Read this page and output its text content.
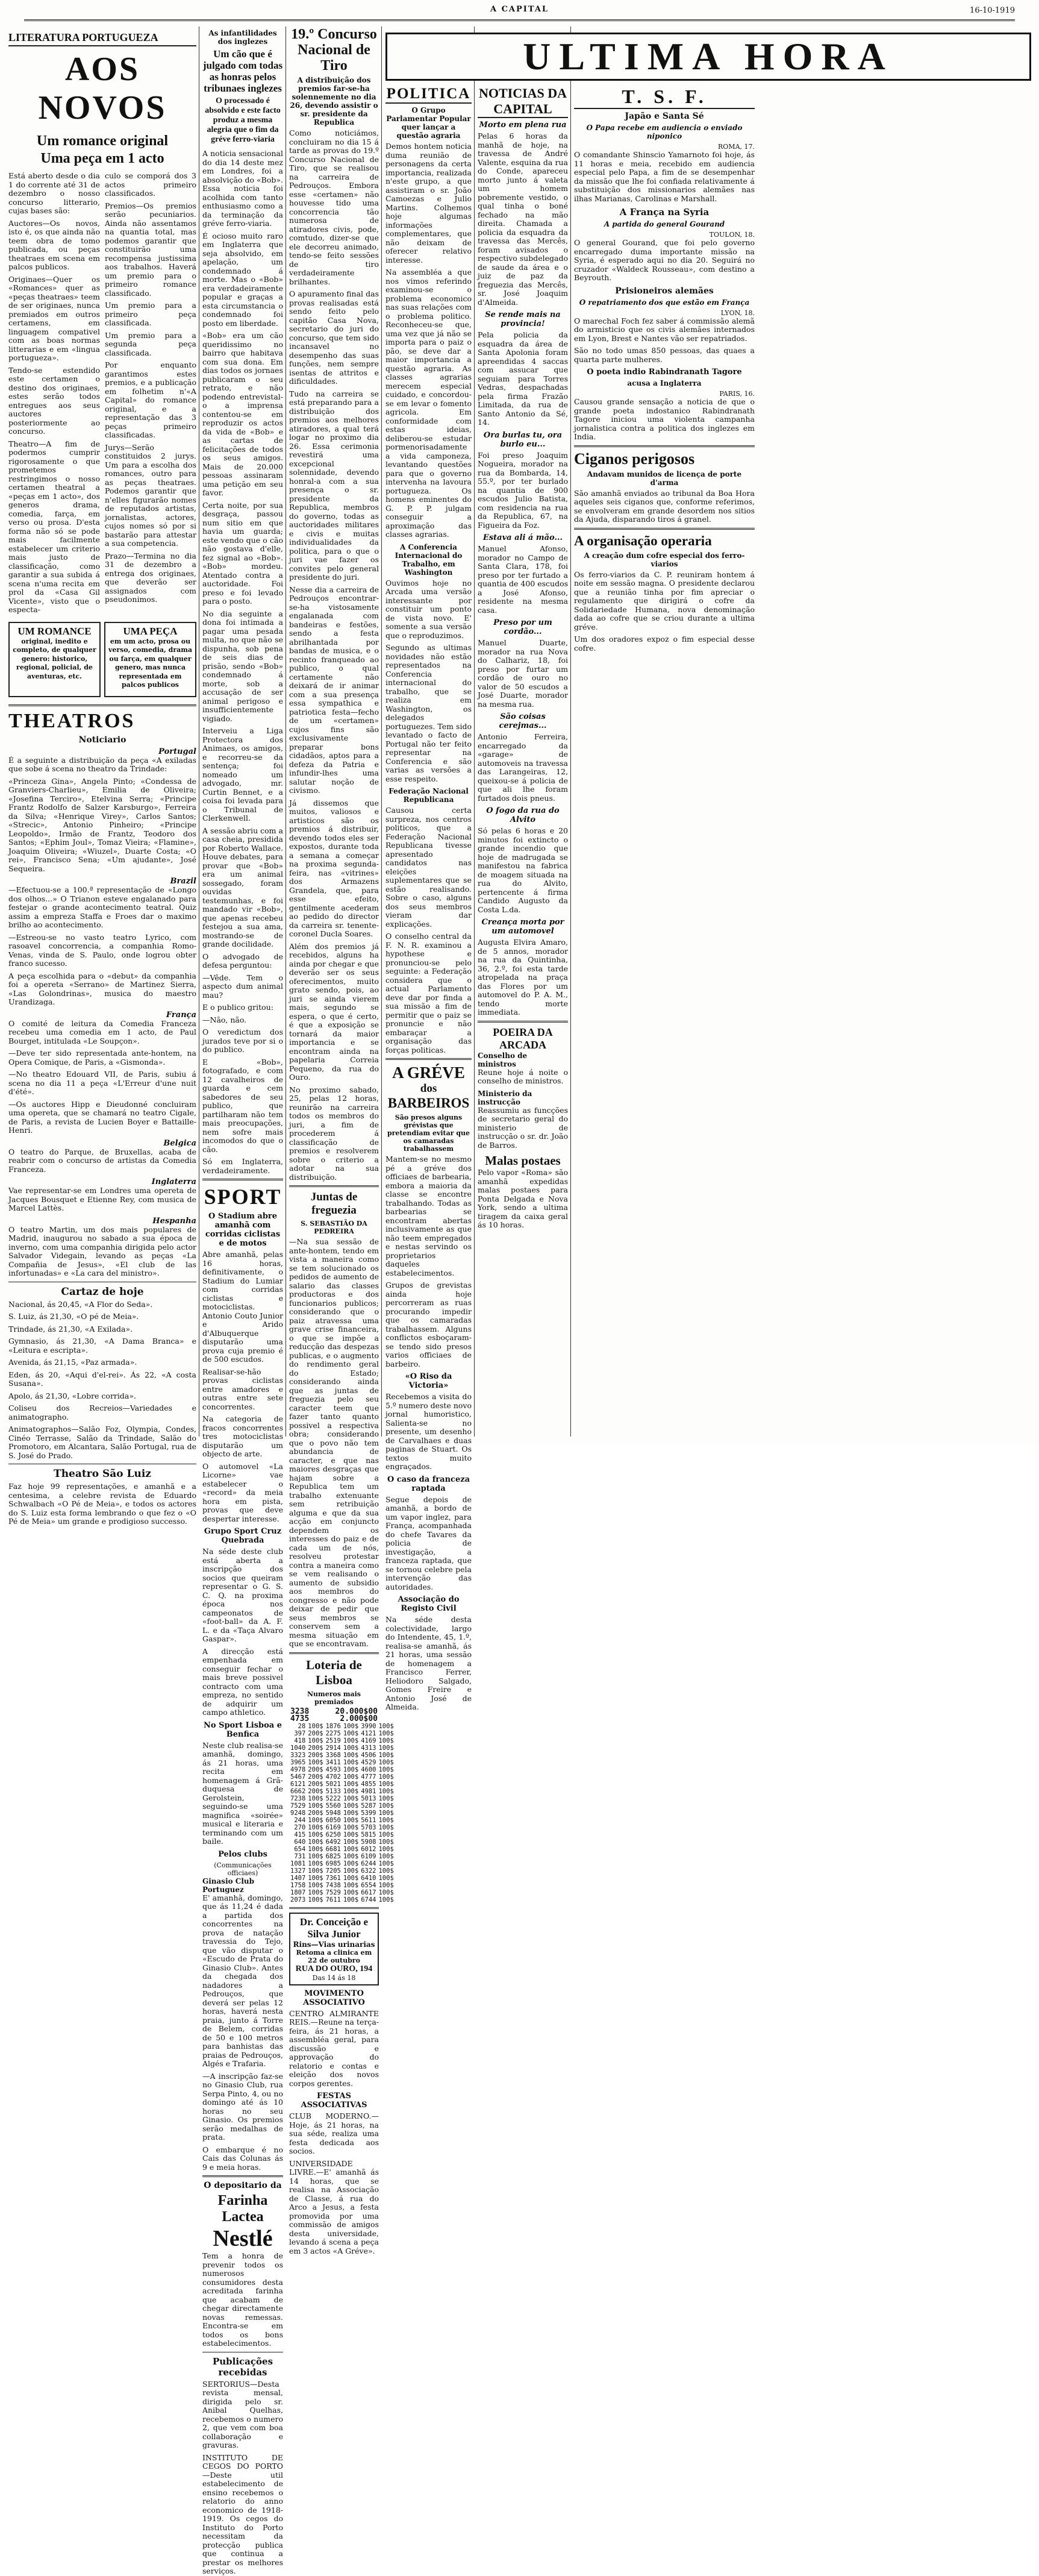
A CAPITAL	16-10-1919
LITERATURA PORTUGUEZA
AOS NOVOS
Um romance original
Uma peça em 1 acto

Está aberto desde o dia 1 do corrente até 31 de dezembro o nosso concurso litterario, cujas bases são:

Auctores—Os novos, isto é, os que ainda não teem obra de tomo publicada, ou peças theatraes em scena em palcos publicos.

Originaes—Quer os «Romances» quer as «peças theatraes» teem de ser originaes, nunca premiados em outros certamens, em linguagem compativel com as boas normas litterarias e em «lingua portugueza».

Tendo-se estendido este certamen o destino dos originaes, estes serão todos entregues aos seus auctores posteriormente ao concurso.

Theatro—A fim de podermos cumprir rigorosamente o que prometemos restringimos o nosso certamen theatral a «peças em 1 acto», dos generos drama, comedia, farça, em verso ou prosa. D'esta forma não só se pode mais facilmente estabelecer um criterio mais justo de classificação, como garantir a sua subida á scena n'uma recita em prol da «Casa Gil Vicente», visto que o especta-

culo se comporá dos 3 actos primeiro classificados.

Premios—Os premios serão pecuniarios. Ainda não assentamos na quantia total, mas podemos garantir que constituirão uma recompensa justissima aos trabalhos. Haverá um premio para o primeiro romance classificado.

Um premio para a primeiro peça classificada.

Um premio para a segunda peça classificada.

Por enquanto garantimos estes premios, e a publicação em folhetim n'«A Capital» do romance original, e a representação das 3 peças primeiro classificadas.

Jurys—Serão constituidos 2 jurys. Um para a escolha dos romances, outro para as peças theatraes. Podemos garantir que n'elles figurarão nomes de reputados artistas, jornalistas, actores, cujos nomes só por si bastarão para attestar a sua competencia.

Prazo—Termina no dia 31 de dezembro a entrega dos originaes, que deverão ser assignados com pseudonimos.

UM ROMANCE

original, inedito e completo, de qualquer genero: historico, regional, policial, de aventuras, etc.

UMA PEÇA

em um acto, prosa ou verso, comedia, drama ou farça, em qualquer genero, mas nunca representada em palcos publicos

THEATROS
Noticiario
Portugal

É a seguinte a distribuição da peça «A exiladas que sobe á scena no theatro da Trindade:

«Princeza Gina», Angela Pinto; «Condessa de Granviers-Charlieu», Emilia de Oliveira; «Josefina Terciro», Etelvina Serra; «Principe Frantz Rodolfo de Salzer Karsburgo», Ferreira da Silva; «Henrique Virey», Carlos Santos; «Strecic», Antonio Pinheiro; «Principe Leopoldo», Irmão de Frantz, Teodoro dos Santos; «Ephim Joul», Tomaz Vieira; «Flamine», Joaquim Oliveira; «Wiuzel», Duarte Costa; «O rei», Francisco Sena; «Um ajudante», José Sequeira.

Brazil

—Efectuou-se a 100.ª representação de «Longo dos olhos...» O Trianon esteve engalanado para festejar o grande acontecimento teatral. Quiz assim a empreza Staffa e Froes dar o maximo brilho ao acontecimento.

—Estreou-se no vasto teatro Lyrico, com rasoavel concorrencia, a companhia Romo-Venas, vinda de S. Paulo, onde logrou obter franco sucesso.

A peça escolhida para o «debut» da companhia foi a opereta «Serrano» de Martinez Sierra, «Las Golondrinas», musica do maestro Urandizaga.

França

O comité de leitura da Comedia Franceza recebeu uma comedia em 1 acto, de Paul Bourget, intitulada «Le Soupçon».

—Deve ter sido representada ante-hontem, na Opera Comique, de Paris, a «Gismonda».

—No theatro Edouard VII, de Paris, subiu á scena no dia 11 a peça «L'Erreur d'une nuit d'été».

—Os auctores Hipp e Dieudonné concluiram uma opereta, que se chamará no teatro Cigale, de Paris, a revista de Lucien Boyer e Battaille-Henri.

Belgica

O teatro do Parque, de Bruxellas, acaba de reabrir com o concurso de artistas da Comedia Franceza.

Inglaterra

Vae representar-se em Londres uma opereta de Jacques Bousquet e Etienne Rey, com musica de Marcel Lattès.

Hespanha

O teatro Martin, um dos mais populares de Madrid, inaugurou no sabado a sua época de inverno, com uma companhia dirigida pelo actor Salvador Videgain, levando as peças «La Compañia de Jesus», «El club de las infortunadas» e «La cara del ministro».

Cartaz de hoje

Nacional, ás 20,45, «A Flor do Seda».

S. Luiz, ás 21,30, «O pé de Meia».

Trindade, ás 21,30, «A Exilada».

Gymnasio, ás 21,30, «A Dama Branca» e «Leitura e escripta».

Avenida, ás 21,15, «Paz armada».

Eden, ás 20, «Aqui d'el-rei». Ás 22, «A costa Susana».

Apolo, ás 21,30, «Lobre corrida».

Coliseu dos Recreios—Variedades e animatographo.

Animatographos—Salão Foz, Olympia, Condes, Cinéo Terrasse, Salão da Trindade, Salão do Promotoro, em Alcantara, Salão Portugal, rua de S. José do Prado.

Theatro São Luiz

Faz hoje 99 representações, e amanhã e a centesima, a celebre revista de Eduardo Schwalbach «O Pé de Meia», e todos os actores do S. Luiz esta forma lembrando o que fez o «O Pé de Meia» um grande e prodigioso successo.

As infantilidades dos inglezes
Um cão que é julgado com todas as honras pelos tribunaes inglezes
O processado é absolvido e este facto produz a mesma alegria que o fim da gréve ferro-viaria

A noticia sensacional do dia 14 deste mez em Londres, foi a absolvição do «Bob». Essa noticia foi acolhida com tanto enthusiasmo como a da terminação da gréve ferro-viaria.

É ocioso muito raro em Inglaterra que seja absolvido, em apelação, um condemnado á morte. Mas o «Bob» era verdadeiramente popular e graças a esta circumstancia o condemnado foi posto em liberdade.

«Bob» era um cão queridissimo no bairro que habitava com sua dona. Em dias todos os jornaes publicaram o seu retrato, e não podendo entrevistal-o a imprensa contentou-se em reproduzir os actos da vida de «Bob» e as cartas de felicitações de todos os seus amigos. Mais de 20.000 pessoas assinaram uma petição em seu favor.

Certa noite, por sua desgraça, passou num sitio em que havia um guarda; este vendo que o cão não gostava d'elle, fez signal ao «Bob». «Bob» mordeu. Atentado contra a auctoridade. Foi preso e foi levado para o posto.

No dia seguinte a dona foi intimada a pagar uma pesada multa, no que não se dispunha, sob pena de seis dias de prisão, sendo «Bob» condemnado á morte, sob a accusação de ser animal perigoso e insufficientemente vigiado.

Interveiu a Liga Protectora dos Animaes, os amigos, e recorreu-se da sentença; foi nomeado um advogado, mr. Curtin Bennet, e a coisa foi levada para o Tribunal de Clerkenwell.

A sessão abriu com a casa cheia, presidida por Roberto Wallace. Houve debates, para provar que «Bob» era um animal sossegado, foram ouvidas testemunhas, e foi mandado vir «Bob», que apenas recebeu festejou a sua ama, mostrando-se de grande docilidade.

O advogado de defesa perguntou:

—Vêde. Tem o aspecto dum animal mau?

E o publico gritou:

—Não, não.

O veredictum dos jurados teve por si o do publico.

E «Bob», fotografado, e com 12 cavalheiros de guarda e cem sabedores de seu publico, que partilharam não tem mais preocupações, nem sofre mais incomodos do que o cão.

Só em Inglaterra, verdadeiramente.

SPORT
O Stadium abre amanhã com corridas ciclistas e de motos

Abre amanhã, pelas 16 horas, definitivamente, o Stadium do Lumiar com corridas ciclistas e motociclistas. Antonio Couto Junior e Arido d'Albuquerque disputarão uma prova cuja premio é de 500 escudos.

Realisar-se-hão provas ciclistas entre amadores e outras entre sete concorrentes.

Na categoria de fracos concorrentes tres motociclistas disputarão um objecto de arte.

O automovel «La Licorne» vae estabelecer o «record» da meia hora em pista, provas que deve despertar interesse.

Grupo Sport Cruz Quebrada

Na séde deste club está aberta a inscripção dos socios que queiram representar o G. S. C. Q. na proxima época nos campeonatos de «foot-ball» da A. F. L. e da «Taça Alvaro Gaspar».

A direcção está empenhada em conseguir fechar o mais breve possivel contracto com uma empreza, no sentido de adquirir um campo athletico.

No Sport Lisboa e Benfica

Neste club realisa-se amanhã, domingo, ás 21 horas, uma recita em homenagem á Grã-duquesa de Gerolstein, seguindo-se uma magnifica «soirée» musical e literaria e terminando com um baile.

Pelos clubs
(Communicações officiaes)
Ginasio Club Portuguez

E' amanhã, domingo, que ás 11,24 é dada a partida dos concorrentes na prova de natação travessia do Tejo, que vão disputar o «Escudo de Prata do Ginasio Club». Antes da chegada dos nadadores a Pedrouços, que deverá ser pelas 12 horas, haverá nesta praia, junto á Torre de Belem, corridas de 50 e 100 metros para banhistas das praias de Pedrouços, Algés e Trafaria.

—A inscripção faz-se no Ginasio Club, rua Serpa Pinto, 4, ou no domingo até ás 10 horas no seu Ginasio. Os premios serão medalhas de prata.

O embarque é no Cais das Colunas ás 9 e meia horas.

O depositario da
Farinha Lactea
Nestlé

Tem a honra de prevenir todos os numerosos consumidores desta acreditada farinha que acabam de chegar directamente novas remessas. Encontra-se em todos os bons estabelecimentos.

Publicações recebidas

SERTORIUS—Desta revista mensal, dirigida pelo sr. Anibal Quelhas, recebemos o numero 2, que vem com boa collaboração e gravuras.

INSTITUTO DE CEGOS DO PORTO—Deste util estabelecimento de ensino recebemos o relatorio do anno economico de 1918-1919. Os cegos do Instituto do Porto necessitam da protecção publica que continua a prestar os melhores serviços.

19.º Concurso Nacional de Tiro
A distribuição dos premios far-se-ha solennemente no dia 26, devendo assistir o sr. presidente da Republica

Como noticiámos, concluiram no dia 15 á tarde as provas do 19.º Concurso Nacional de Tiro, que se realisou na carreira de Pedrouços. Embora esse «certamen» não houvesse tido uma concorrencia tão numerosa de atiradores civis, pode, comtudo, dizer-se que ele decorreu animado, tendo-se feito sessões de tiro verdadeiramente brilhantes.

O apuramento final das provas realisadas está sendo feito pelo capitão Casa Nova, secretario do juri do concurso, que tem sido incansavel no desempenho das suas funções, nem sempre isentas de attritos e dificuldades.

Tudo na carreira se está preparando para a distribuição dos premios aos melhores atiradores, a qual terá logar no proximo dia 26. Essa cerimonia revestirá uma excepcional solennidade, devendo honral-a com a sua presença o sr. presidente da Republica, membros do governo, todas as auctoridades militares e civis e muitas individualidades da politica, para o que o juri vae fazer os convites pelo general presidente do juri.

Nesse dia a carreira de Pedrouços encontrar-se-ha vistosamente engalanada com bandeiras e festões, sendo a festa abrilhantada por bandas de musica, e o recinto franqueado ao publico, o qual certamente não deixará de ir animar com a sua presença essa sympathica e patriotica festa—fecho de um «certamen» cujos fins são exclusivamente preparar bons cidadãos, aptos para a defeza da Patria e infundir-lhes uma salutar noção de civismo.

Já dissemos que muitos, valiosos e artisticos são os premios á distribuir, devendo todos eles ser expostos, durante toda a semana a começar na proxima segunda-feira, nas «vitrines» dos Armazens Grandela, que, para esse efeito, gentilmente acederam ao pedido do director da carreira sr. tenente-coronel Ducla Soares.

Além dos premios já recebidos, alguns ha ainda por chegar e que deverão ser os seus oferecimentos, muito grato sendo, pois, ao juri se ainda vierem mais, segundo se espera, o que é certo, é que a exposição se tornará da maior importancia e se encontram ainda na papelaria Correia Pequeno, da rua do Ouro.

No proximo sabado, 25, pelas 12 horas, reunirão na carreira todos os membros do juri, a fim de procederem á classificação de premios e resolverem sobre o criterio a adotar na sua distribuição.

Juntas de freguezia
S. SEBASTIÃO DA PEDREIRA

—Na sua sessão de ante-hontem, tendo em vista a maneira como se tem solucionado os pedidos de aumento de salario das classes productoras e dos funcionarios publicos; considerando que o paiz atravessa uma grave crise financeira, o que se impõe a reducção das despezas publicas, e o augmento do rendimento geral do Estado; considerando ainda que as juntas de freguezia pelo seu caracter teem que fazer tanto quanto possivel a respectiva obra; considerando que o povo não tem abundancia de caracter, e que nas maiores desgraças que hajam sobre a Republica tem um trabalho extenuante sem retribuição alguma e que da sua acção em conjuncto dependem os interesses do paiz e de cada um de nós, resolveu protestar contra a maneira como se vem realisando o aumento de subsidio aos membros do congresso e não pode deixar de pedir que seus membros se conservem sem a mesma situação em que se encontravam.

Loteria de Lisboa
Numeros mais premiados
3238	20.000$00
4735	2.000$00
28	100$	1876	100$	3990	100$
397	200$	2275	100$	4121	100$
418	100$	2519	100$	4169	100$
1040	200$	2914	100$	4313	100$
3323	200$	3368	100$	4506	100$
3965	100$	3411	100$	4529	100$
4978	200$	4593	100$	4600	100$
5467	200$	4702	100$	4777	100$
6121	200$	5021	100$	4855	100$
6662	200$	5133	100$	4981	100$
7238	100$	5222	100$	5013	100$
7529	100$	5560	100$	5287	100$
9248	200$	5948	100$	5399	100$
244	100$	6050	100$	5611	100$
270	100$	6169	100$	5703	100$
415	100$	6250	100$	5815	100$
640	100$	6492	100$	5908	100$
654	100$	6681	100$	6012	100$
731	100$	6825	100$	6109	100$
1081	100$	6985	100$	6244	100$
1327	100$	7205	100$	6322	100$
1407	100$	7361	100$	6410	100$
1758	100$	7438	100$	6554	100$
1807	100$	7529	100$	6617	100$
2073	100$	7611	100$	6744	100$
Dr. Conceição e Silva Junior
Rins—Vias urinarias
Retoma a clinica em 22 de outubro
RUA DO OURO, 194
Das 14 ás 18
MOVIMENTO ASSOCIATIVO

CENTRO ALMIRANTE REIS.—Reune na terça-feira, ás 21 horas, a assembléa geral, para discussão e approvação do relatorio e contas e eleição dos novos corpos gerentes.

FESTAS ASSOCIATIVAS

CLUB MODERNO.—Hoje, ás 21 horas, na sua séde, realiza uma festa dedicada aos socios.

UNIVERSIDADE LIVRE.—E' amanhã ás 14 horas, que se realisa na Associação de Classe, á rua do Arco a Jesus, a festa promovida por uma commissão de amigos desta universidade, levando á scena a peça em 3 actos «A Gréve».

ULTIMA HORA
POLITICA
O Grupo Parlamentar Popular quer lançar a questão agraria

Demos hontem noticia duma reunião de personagens da certa importancia, realizada n'este grupo, a que assistiram o sr. João Camoezas e Julio Martins. Colhemos hoje algumas informações complementares, que não deixam de oferecer relativo interesse.

Na assembléa a que nos vimos referindo examinou-se o problema economico nas suas relações com o problema politico. Reconheceu-se que, uma vez que já não se importa para o paiz o pão, se deve dar a maior importancia a questão agraria. As classes agrarias merecem especial cuidado, e concordou-se em levar o fomento agricola. Em conformidade com estas ideias, deliberou-se estudar pormenorisadamente a vida camponeza, levantando questões para que o governo intervenha na lavoura portugueza. Os homens eminentes do G. P. P. julgam conseguir a aproximação das classes agrarias.

A Conferencia Internacional do Trabalho, em Washington

Ouvimos hoje no Arcada uma versão interessante por constituir um ponto de vista novo. E' somente a sua versão que o reproduzimos.

Segundo as ultimas novidades não estão representados na Conferencia internacional do trabalho, que se realiza em Washington, os delegados portuguezes. Tem sido levantado o facto de Portugal não ter feito representar na Conferencia e são varias as versões a esse respeito.

Federação Nacional Republicana

Causou certa surpreza, nos centros politicos, que a Federação Nacional Republicana tivesse apresentado candidatos nas eleições suplementares que se estão realisando. Sobre o caso, alguns dos seus membros vieram dar explicações.

O conselho central da F. N. R. examinou a hypothese e pronunciou-se pelo seguinte: a Federação considera que o actual Parlamento deve dar por finda a sua missão a fim de permitir que o paiz se pronuncie e não embaraçar a organisação das forças politicas.

A GRÉVE
dos
BARBEIROS
São presos alguns grévistas que pretendiam evitar que os camaradas trabalhassem

Mantem-se no mesmo pé a gréve dos officiaes de barbearia, embora a maioria da classe se encontre trabalhando. Todas as barbearias se encontram abertas inclusivamente as que não teem empregados e nestas servindo os proprietarios daqueles estabelecimentos.

Grupos de grevistas ainda hoje percorreram as ruas procurando impedir que os camaradas trabalhassem. Alguns conflictos esboçaram-se tendo sido presos varios officiaes de barbeiro.

«O Riso da Victoria»

Recebemos a visita do 5.º numero deste novo jornal humoristico, Salienta-se no presente, um desenho de Carvalhaes e duas paginas de Stuart. Os textos muito engraçados.

O caso da franceza raptada

Segue depois de amanhã, a bordo de um vapor inglez, para França, acompanhada do chefe Tavares da policia de investigação, a franceza raptada, que se tornou celebre pela intervenção das autoridades.

Associação do Registo Civil

Na séde desta colectividade, largo do Intendente, 45, 1.º, realisa-se amanhã, ás 21 horas, uma sessão de homenagem a Francisco Ferrer, Heliodoro Salgado, Gomes Freire e Antonio José de Almeida.

NOTICIAS DA CAPITAL
Morto em plena rua

Pelas 6 horas da manhã de hoje, na travessa de André Valente, esquina da rua do Conde, apareceu morto junto á valeta um homem pobremente vestido, o qual tinha o boné fechado na mão direita. Chamada a policia da esquadra da travessa das Mercês, foram avisados o respectivo subdelegado de saude da área e o juiz de paz da freguezia das Mercês, sr. José Joaquim d'Almeida.

Se rende mais na provincia!

Pela policia da esquadra da área de Santa Apolonia foram apreendidas 4 saccas com assucar que seguiam para Torres Vedras, despachadas pela firma Frazão Limitada, da rua de Santo Antonio da Sé, 14.

Ora burlas tu, ora burlo eu...

Foi preso Joaquim Nogueira, morador na rua da Bombarda, 14, 55.º, por ter burlado na quantia de 900 escudos Julio Batista, com residencia na rua da Republica, 67, na Figueira da Foz.

Estava ali á mão...

Manuel Afonso, morador no Campo de Santa Clara, 178, foi preso por ter furtado a quantia de 400 escudos a José Afonso, residente na mesma casa.

Preso por um cordão...

Manuel Duarte, morador na rua Nova do Calhariz, 18, foi preso por furtar um cordão de ouro no valor de 50 escudos a José Duarte, morador na mesma rua.

São coisas cerejmas...

Antonio Ferreira, encarregado da «garage» de automoveis na travessa das Larangeiras, 12, queixou-se á policia de que ali lhe foram furtados dois pneus.

O fogo da rua do Alvito

Só pelas 6 horas e 20 minutos foi extincto o grande incendio que hoje de madrugada se manifestou na fabrica de moagem situada na rua do Alvito, pertencente á firma Candido Augusto da Costa L.da.

Creança morta por um automovel

Augusta Elvira Amaro, de 5 annos, morador na rua da Quintinha, 36, 2.º, foi esta tarde atropelada na praça das Flores por um automovel do P. A. M., tendo morte immediata.

POEIRA DA ARCADA
Conselho de ministros

Reune hoje á noite o conselho de ministros.

Ministerio da instrucção

Reassumiu as funcções de secretario geral do ministerio de instrucção o sr. dr. João de Barros.

Malas postaes

Pelo vapor «Roma» são amanhã expedidas malas postaes para Ponta Delgada e Nova York, sendo a ultima tiragem da caixa geral ás 10 horas.

T. S. F.
Japão e Santa Sé
O Papa recebe em audiencia o enviado niponico
ROMA, 17.

O comandante Shinscio Yamarnoto foi hoje, ás 11 horas e meia, recebido em audiencia especial pelo Papa, a fim de se desempenhar da missão que lhe foi confiada relativamente á substituição dos missionarios alemães nas ilhas Marianas, Carolinas e Marshall.

A França na Syria
A partida do general Gourand
TOULON, 18.

O general Gourand, que foi pelo governo encarregado duma importante missão na Syria, é esperado aqui no dia 20. Seguirá no cruzador «Waldeck Rousseau», com destino a Beyrouth.

Prisioneiros alemães
O repatriamento dos que estão em França
LYON, 18.

O marechal Foch fez saber á commissão alemã do armisticio que os civis alemães internados em Lyon, Brest e Nantes vão ser repatriados.

São no todo umas 850 pessoas, das quaes a quarta parte mulheres.

O poeta indio Rabindranath Tagore
acusa a Inglaterra
PARIS, 16.

Causou grande sensação a noticia de que o grande poeta indostanico Rabindranath Tagore iniciou uma violenta campanha jornalistica contra a politica dos inglezes em India.

Ciganos perigosos
Andavam munidos de licença de porte d'arma

São amanhã enviados ao tribunal da Boa Hora aqueles seis ciganos que, conforme referimos, se envolveram em grande desordem nos sitios da Ajuda, disparando tiros á granel.

A organisação operaria
A creação dum cofre especial dos ferro-viarios

Os ferro-viarios da C. P. reuniram hontem á noite em sessão magna. O presidente declarou que a reunião tinha por fim apreciar o regulamento que dirigirá o cofre da Solidariedade Humana, nova denominação dada ao cofre que se criou durante a ultima gréve.

Um dos oradores expoz o fim especial desse cofre.
